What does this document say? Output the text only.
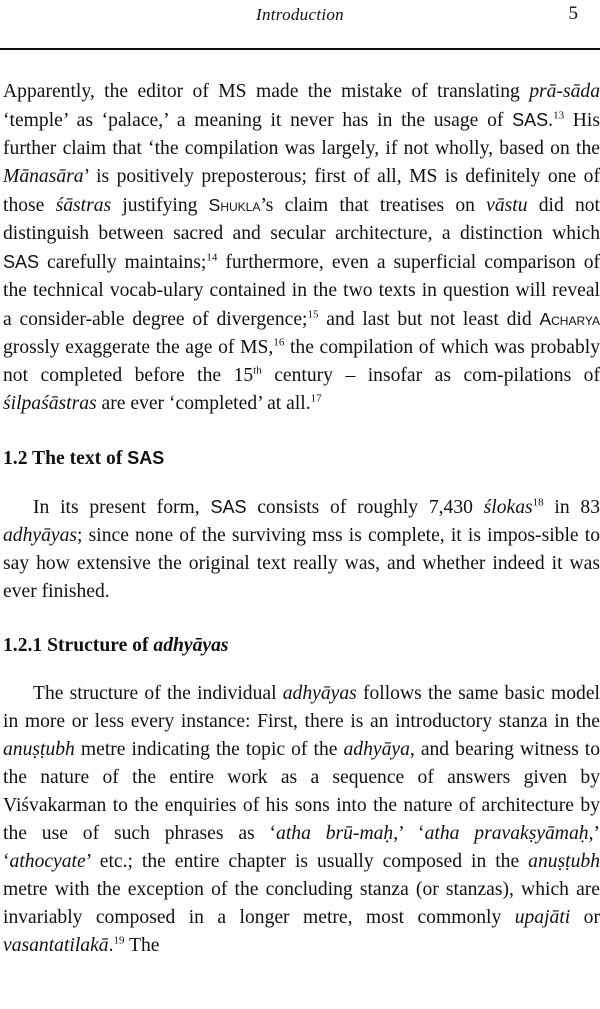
Introduction	5

Apparently, the editor of MS made the mistake of translating prā-sāda ‘temple’ as ‘palace,’ a meaning it never has in the usage of SAS.$^{13}$ His further claim that ‘the compilation was largely, if not wholly, based on the Mānasāra’ is positively preposterous; first of all, MS is definitely one of those śāstras justifying Shukla’s claim that treatises on vāstu did not distinguish between sacred and secular architecture, a distinction which SAS carefully maintains;$^{14}$ furthermore, even a superficial comparison of the technical vocab-ulary contained in the two texts in question will reveal a consider-able degree of divergence;$^{15}$ and last but not least did Acharya grossly exaggerate the age of MS,$^{16}$ the compilation of which was probably not completed before the 15th century – insofar as com-pilations of śilpaśāstras are ever ‘completed’ at all.$^{17}$

1.2 The text of SAS

In its present form, SAS consists of roughly 7,430 ślokas$^{18}$ in 83 adhyāyas; since none of the surviving mss is complete, it is impos-sible to say how extensive the original text really was, and whether indeed it was ever finished.

1.2.1 Structure of adhyāyas

The structure of the individual adhyāyas follows the same basic model in more or less every instance: First, there is an introductory stanza in the anuṣṭubh metre indicating the topic of the adhyāya, and bearing witness to the nature of the entire work as a sequence of answers given by Viśvakarman to the enquiries of his sons into the nature of architecture by the use of such phrases as ‘atha brū-maḥ,’ ‘atha pravakṣyāmaḥ,’ ‘athocyate’ etc.; the entire chapter is usually composed in the anuṣṭubh metre with the exception of the concluding stanza (or stanzas), which are invariably composed in a longer metre, most commonly upajāti or vasantatilakā.$^{19}$ The
